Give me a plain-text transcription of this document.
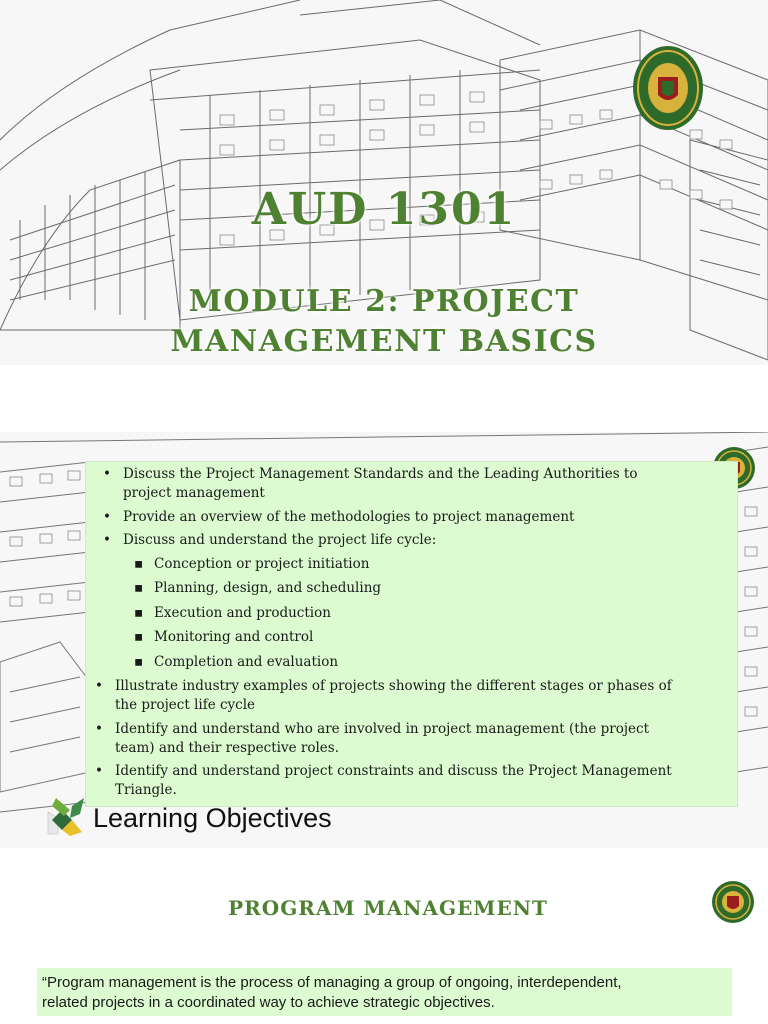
AUD 1301
MODULE 2: PROJECT
MANAGEMENT BASICS
• Discuss the Project Management Standards and the Leading Authorities to
project management
• Provide an overview of the methodologies to project management
• Discuss and understand the project life cycle:
▪ Conception or project initiation
▪ Planning, design, and scheduling
▪ Execution and production
▪ Monitoring and control
▪ Completion and evaluation
• Illustrate industry examples of projects showing the different stages or phases of
the project life cycle
• Identify and understand who are involved in project management (the project
team) and their respective roles.
• Identify and understand project constraints and discuss the Project Management
Triangle.
Learning Objectives
PROGRAM MANAGEMENT
“Program management is the process of managing a group of ongoing, interdependent,
related projects in a coordinated way to achieve strategic objectives.
